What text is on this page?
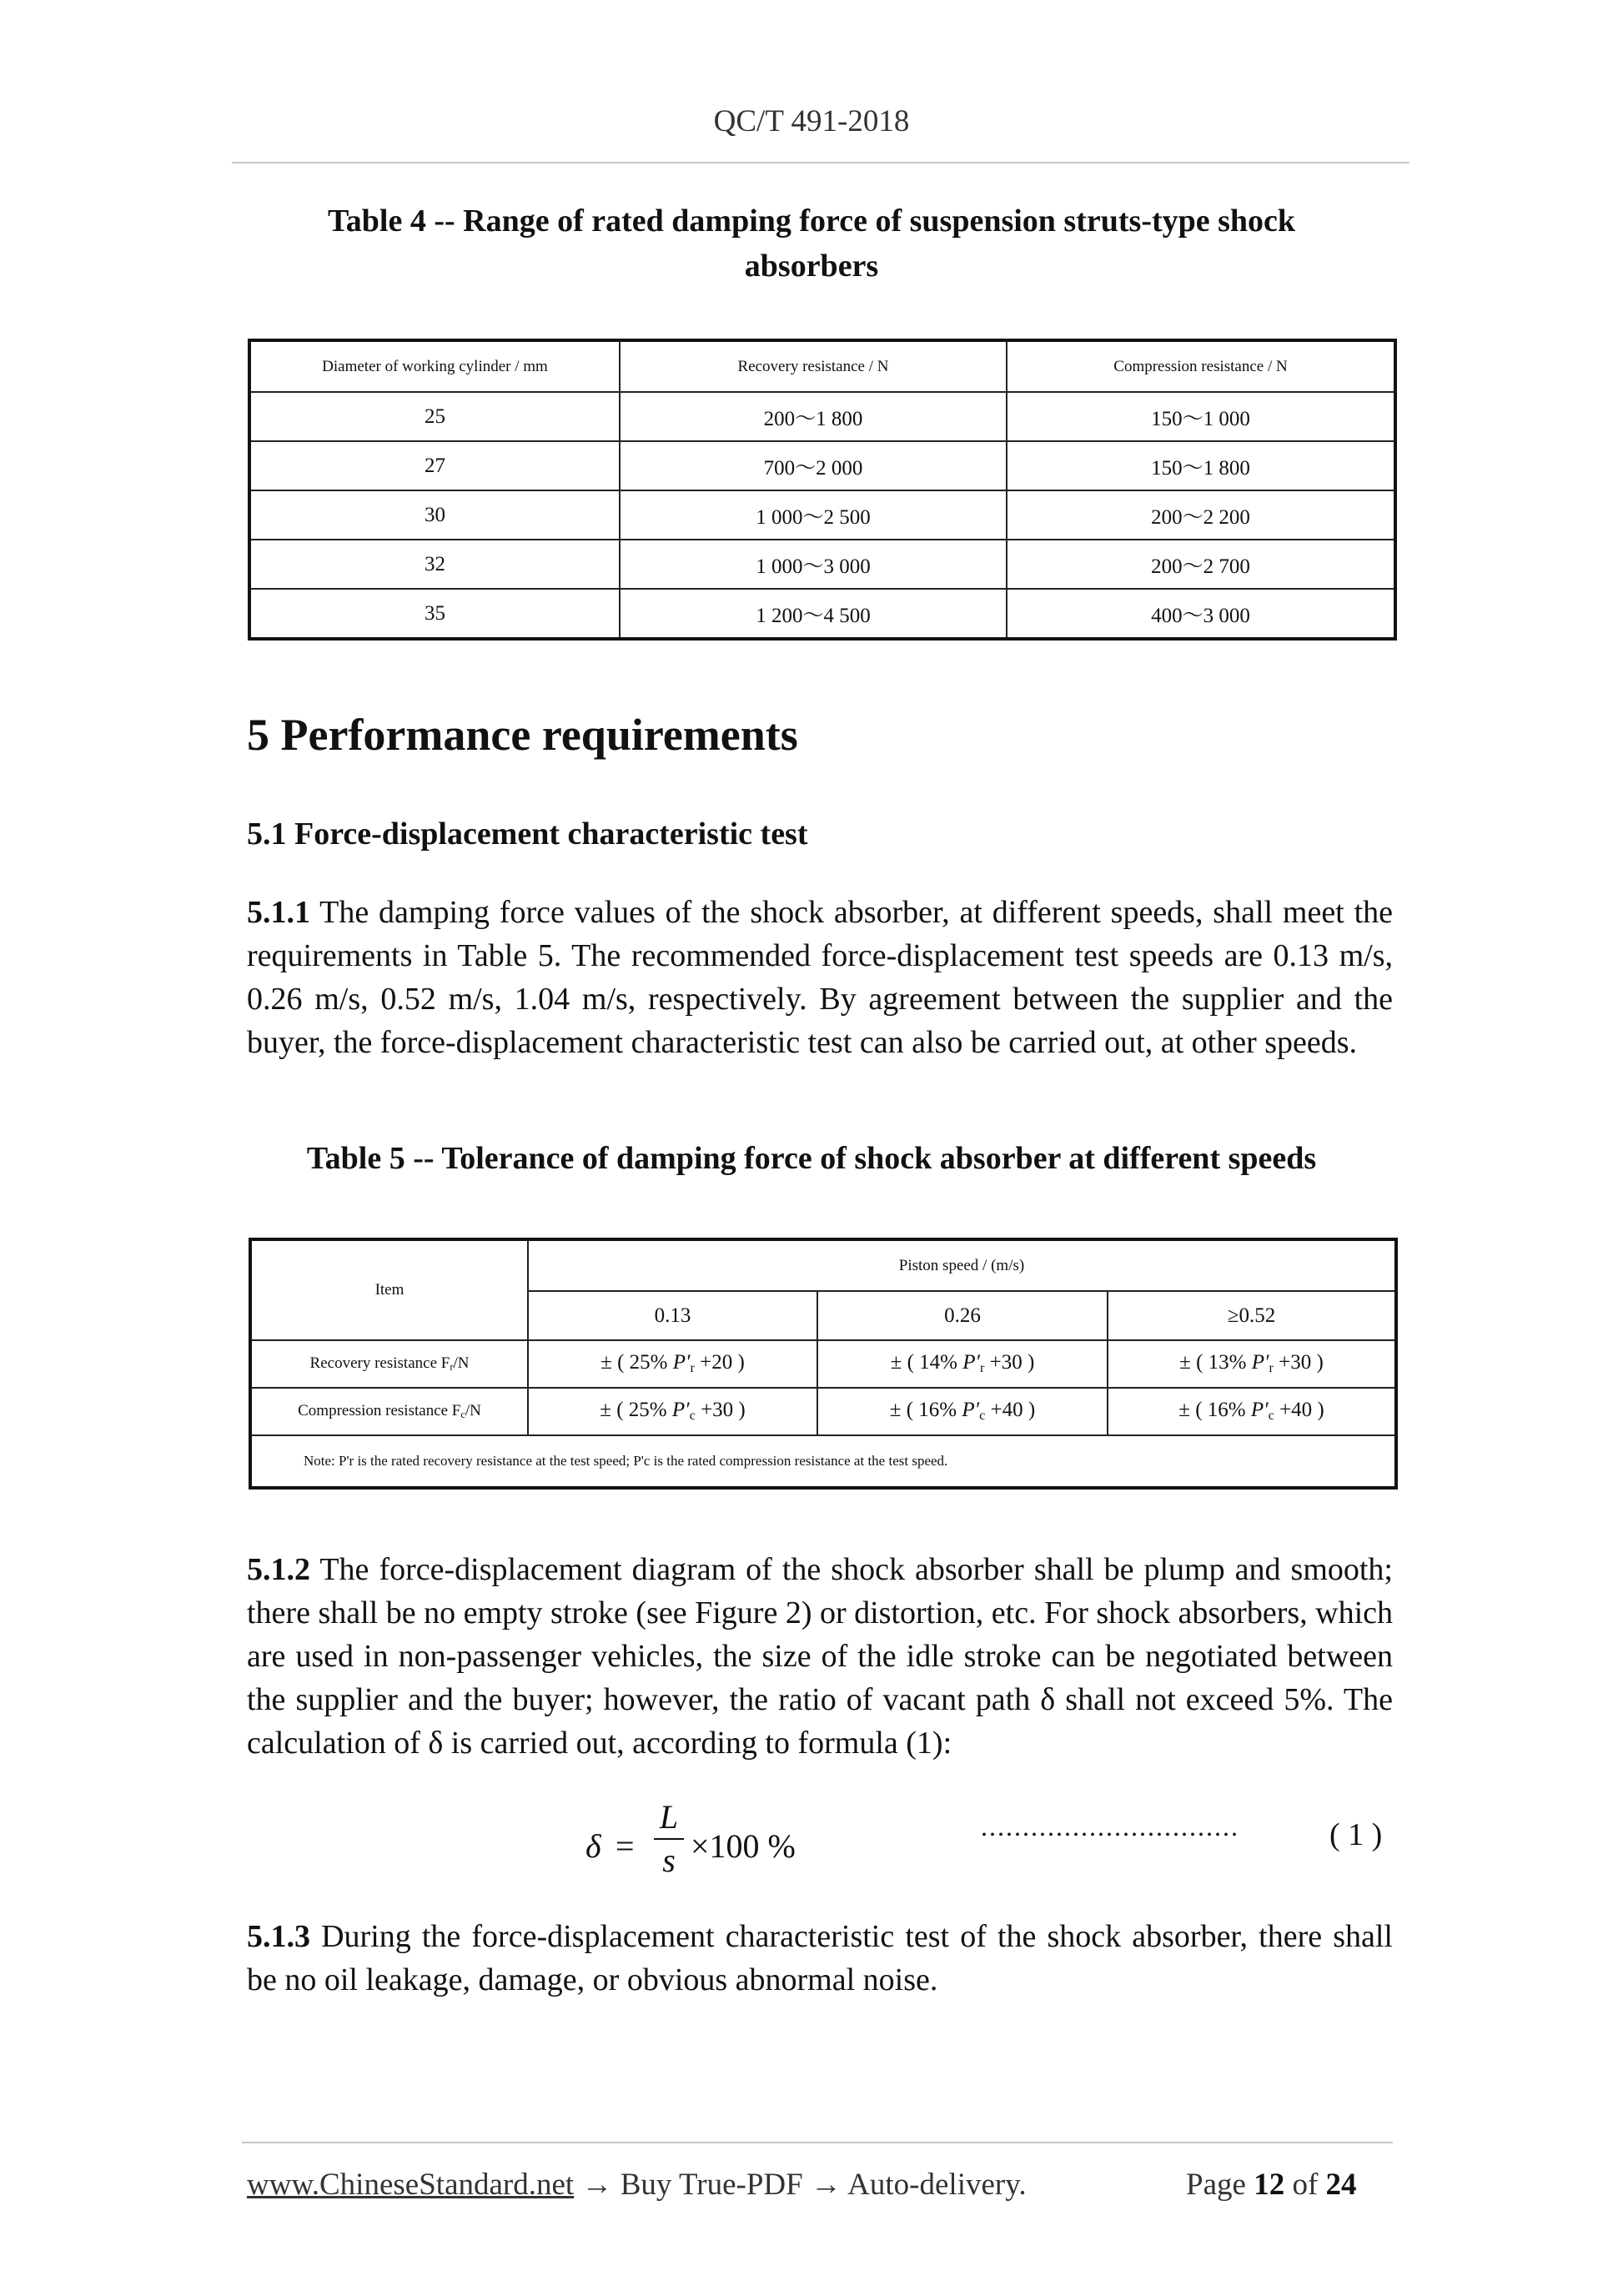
QC/T 491-2018
Table 4 -- Range of rated damping force of suspension struts-type shock absorbers
Diameter of working cylinder / mm	Recovery resistance / N	Compression resistance / N
25	200～1 800	150～1 000
27	700～2 000	150～1 800
30	1 000～2 500	200～2 200
32	1 000～3 000	200～2 700
35	1 200～4 500	400～3 000
5 Performance requirements
5.1 Force-displacement characteristic test
5.1.1 The damping force values of the shock absorber, at different speeds, shall meet the requirements in Table 5. The recommended force-displacement test speeds are 0.13 m/s, 0.26 m/s, 0.52 m/s, 1.04 m/s, respectively. By agreement between the supplier and the buyer, the force-displacement characteristic test can also be carried out, at other speeds.
Table 5 -- Tolerance of damping force of shock absorber at different speeds
Item	Piston speed / (m/s)		
	0.13	0.26	≥0.52
Recovery resistance $F_r/N$	± ( 25% $P'_r +20$ )	± ( 14% $P'_r +30$ )	± ( 13% $P'_r +30$ )
Compression resistance $F_c/N$	± ( 25% $P'_c +30$ )	± ( 16% $P'_c +40$ )	± ( 16% $P'_c +40$ )
Note: P'r is the rated recovery resistance at the test speed; P'c is the rated compression resistance at the test speed.			
5.1.2 The force-displacement diagram of the shock absorber shall be plump and smooth; there shall be no empty stroke (see Figure 2) or distortion, etc. For shock absorbers, which are used in non-passenger vehicles, the size of the idle stroke can be negotiated between the supplier and the buyer; however, the ratio of vacant path δ shall not exceed 5%. The calculation of δ is carried out, according to formula (1):
δ =
L
s ×100 %
...............................	( 1 )
5.1.3 During the force-displacement characteristic test of the shock absorber, there shall be no oil leakage, damage, or obvious abnormal noise.
www.ChineseStandard.net → Buy True-PDF → Auto-delivery.	Page 12 of 24
